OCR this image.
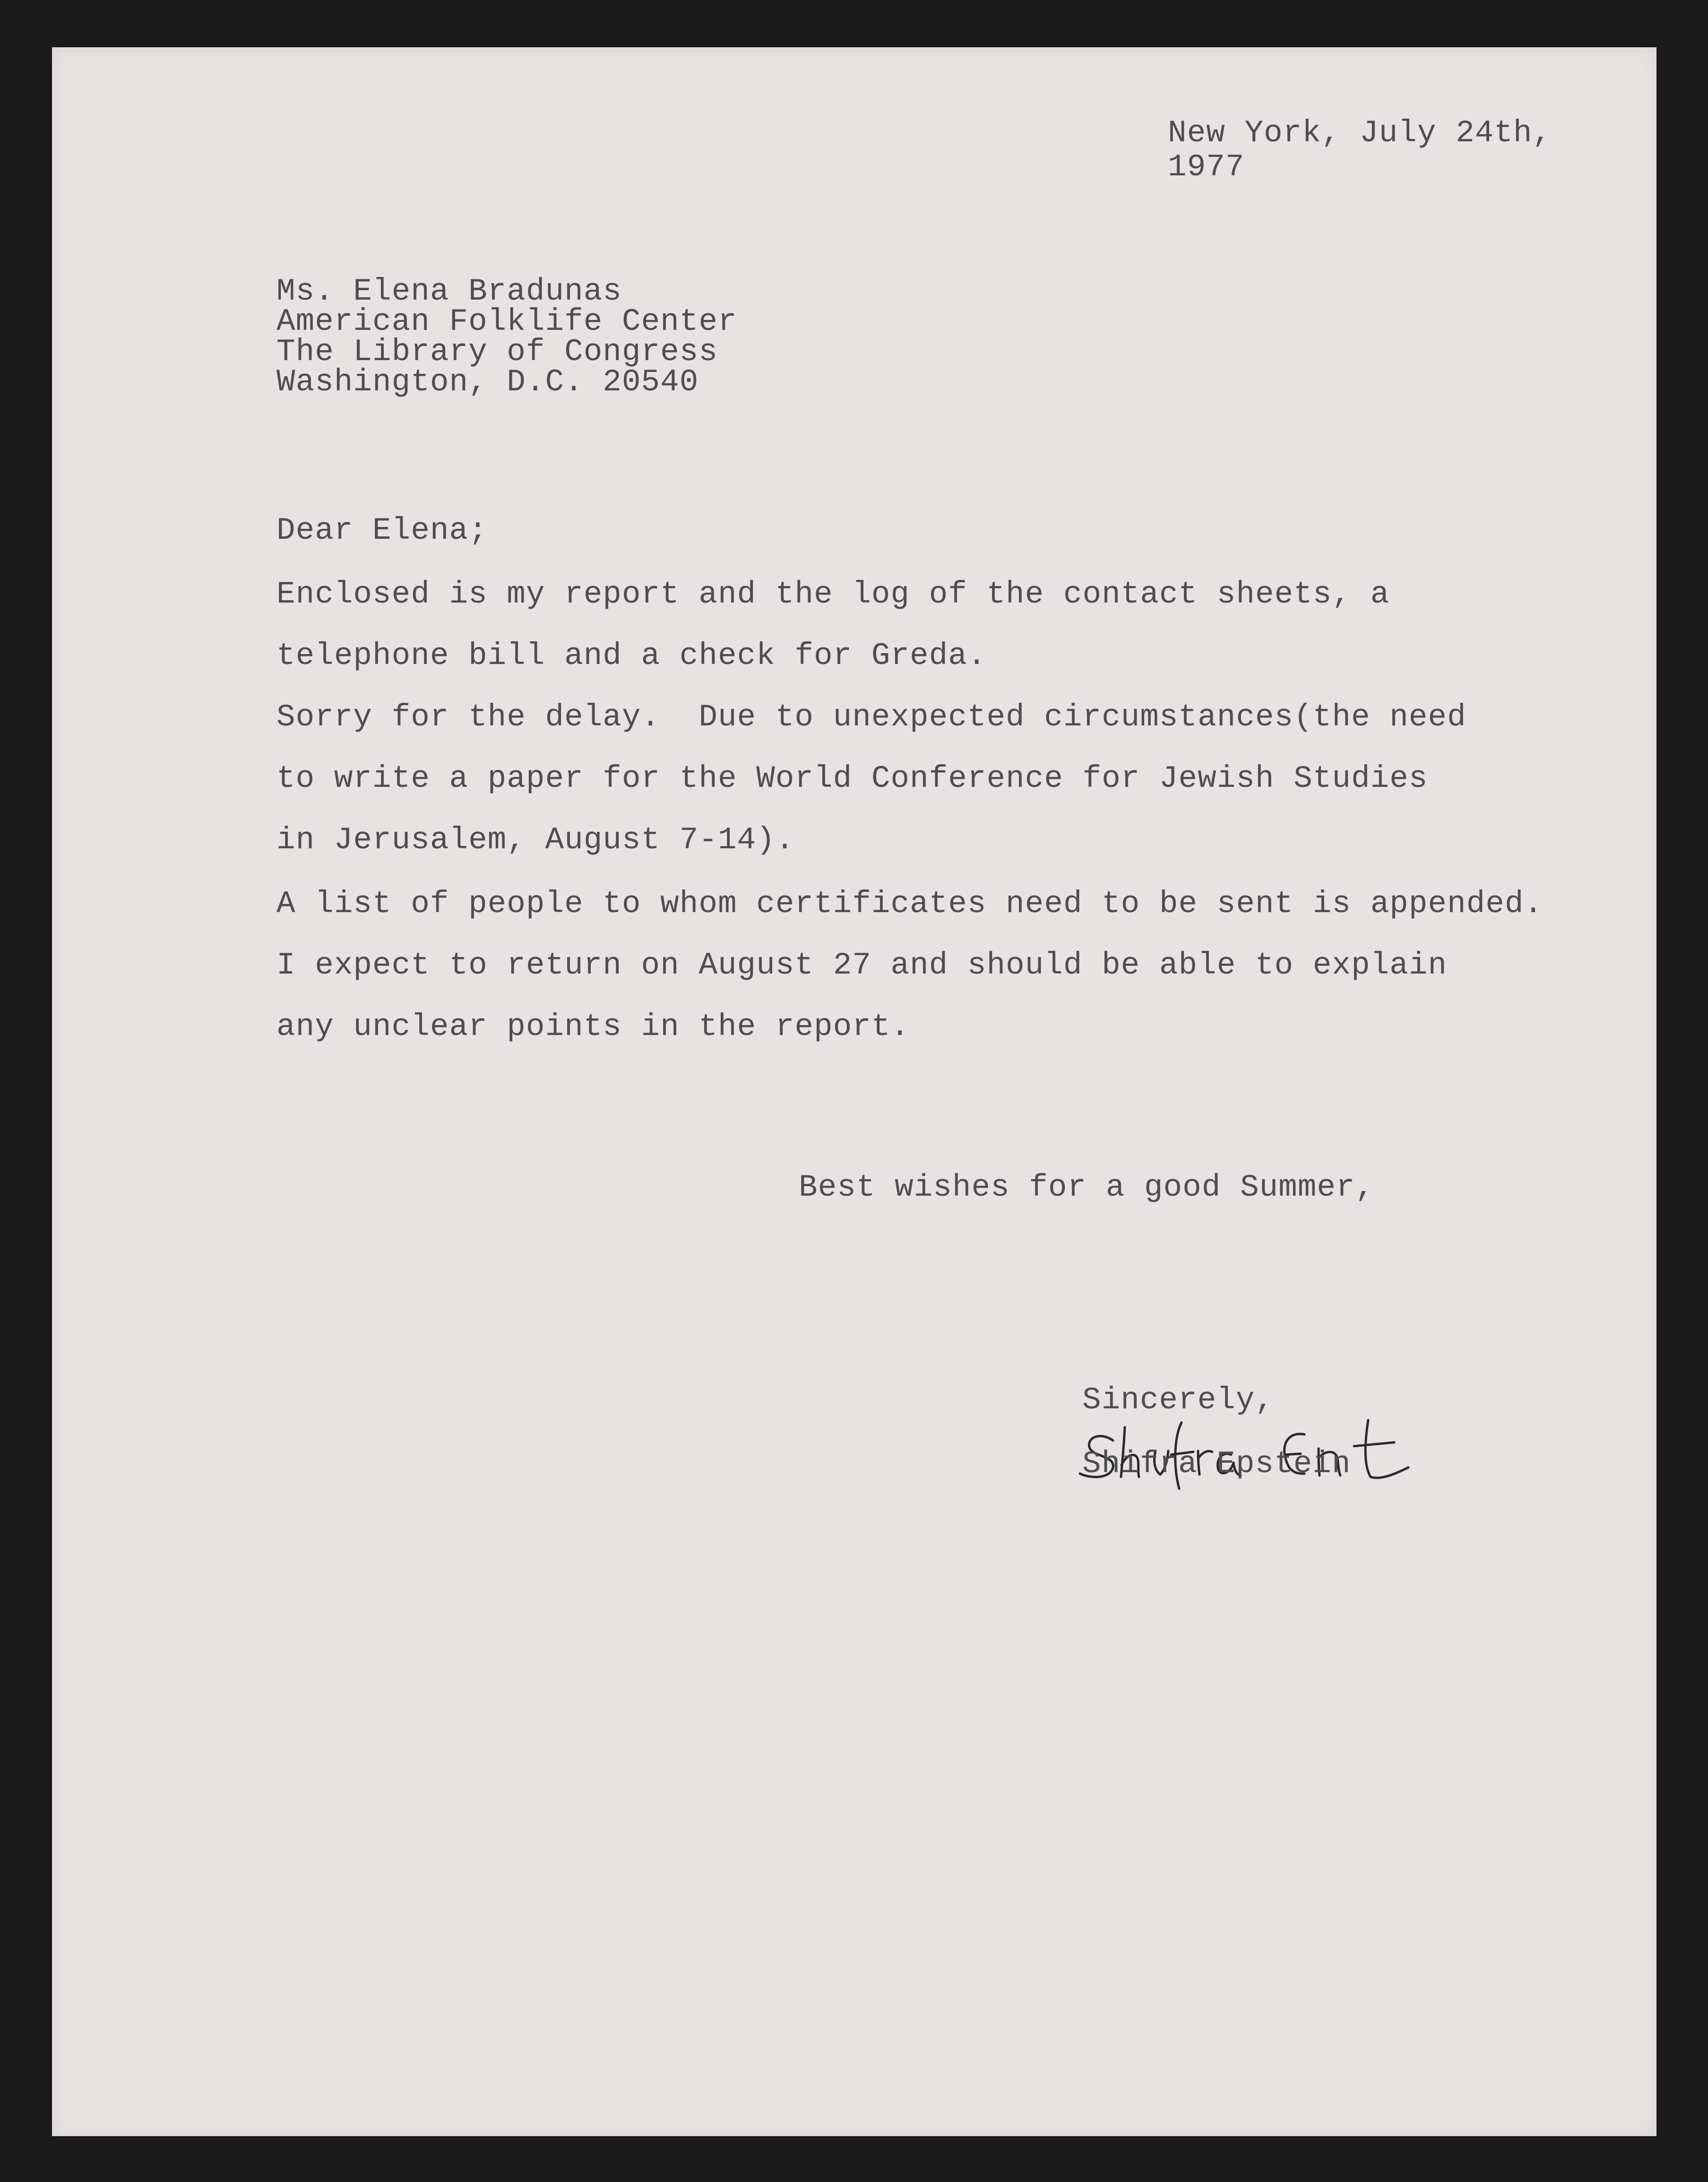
New York, July 24th,
1977
Ms. Elena Bradunas
American Folklife Center
The Library of Congress
Washington, D.C. 20540
Dear Elena;
Enclosed is my report and the log of the contact sheets, a
telephone bill and a check for Greda.
Sorry for the delay.  Due to unexpected circumstances(the need
to write a paper for the World Conference for Jewish Studies
in Jerusalem, August 7-14).
A list of people to whom certificates need to be sent is appended.
I expect to return on August 27 and should be able to explain
any unclear points in the report.
Best wishes for a good Summer,
Sincerely,
Shifra Epstein
